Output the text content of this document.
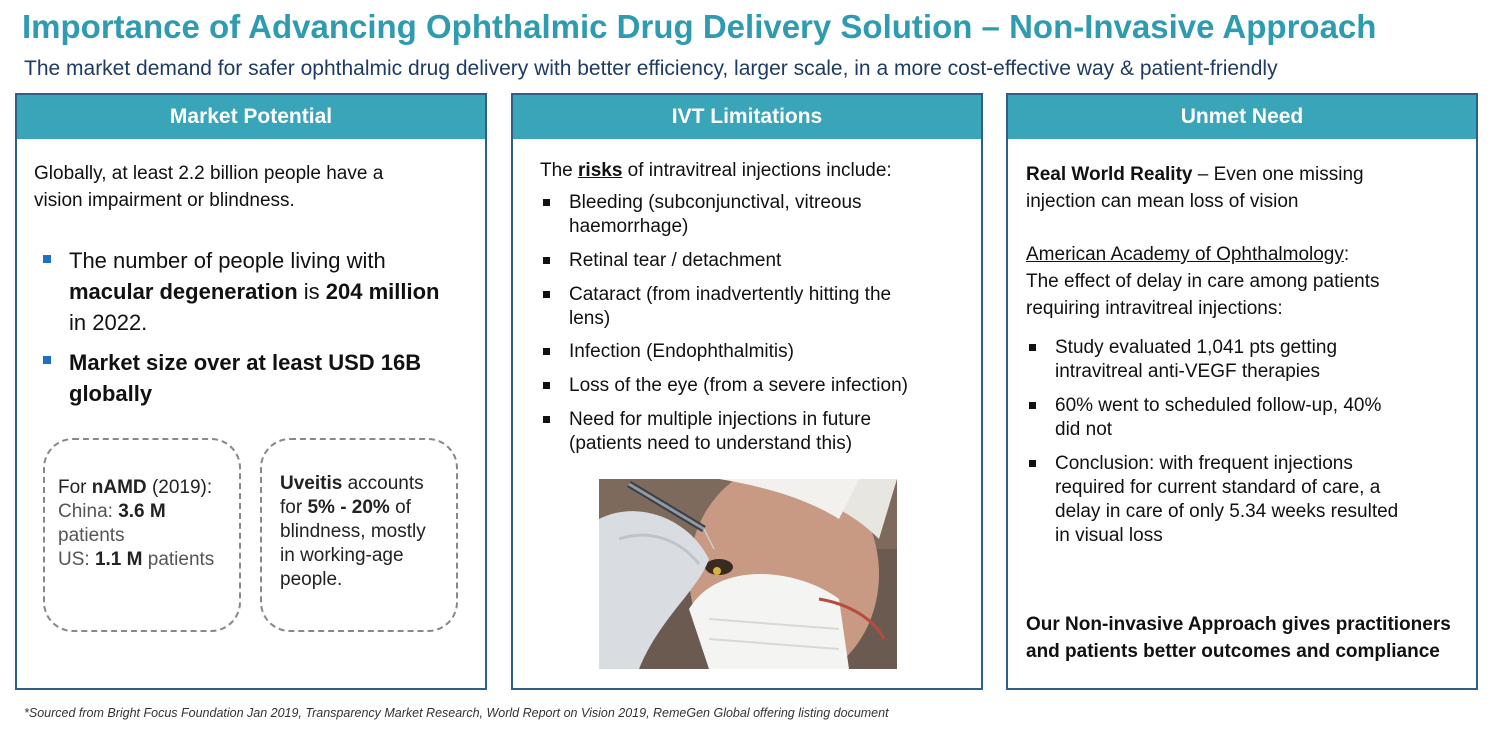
Importance of Advancing Ophthalmic Drug Delivery Solution – Non-Invasive Approach
The market demand for safer ophthalmic drug delivery with better efficiency, larger scale, in a more cost-effective way & patient-friendly
Market Potential
Globally, at least 2.2 billion people have a
vision impairment or blindness.
The number of people living with
macular degeneration is 204 million
in 2022.
Market size over at least USD 16B
globally
For nAMD (2019):
China: 3.6 M
patients
US: 1.1 M patients
Uveitis accounts
for 5% - 20% of
blindness, mostly
in working-age
people.
IVT Limitations
The risks of intravitreal injections include:
Bleeding (subconjunctival, vitreous
haemorrhage)
Retinal tear / detachment
Cataract (from inadvertently hitting the
lens)
Infection (Endophthalmitis)
Loss of the eye (from a severe infection)
Need for multiple injections in future
(patients need to understand this)
Unmet Need
Real World Reality – Even one missing
injection can mean loss of vision
American Academy of Ophthalmology:
The effect of delay in care among patients
requiring intravitreal injections:
Study evaluated 1,041 pts getting
intravitreal anti-VEGF therapies
60% went to scheduled follow-up, 40%
did not
Conclusion: with frequent injections
required for current standard of care, a
delay in care of only 5.34 weeks resulted
in visual loss
Our Non-invasive Approach gives practitioners
and patients better outcomes and compliance
*Sourced from Bright Focus Foundation Jan 2019, Transparency Market Research, World Report on Vision 2019, RemeGen Global offering listing document
